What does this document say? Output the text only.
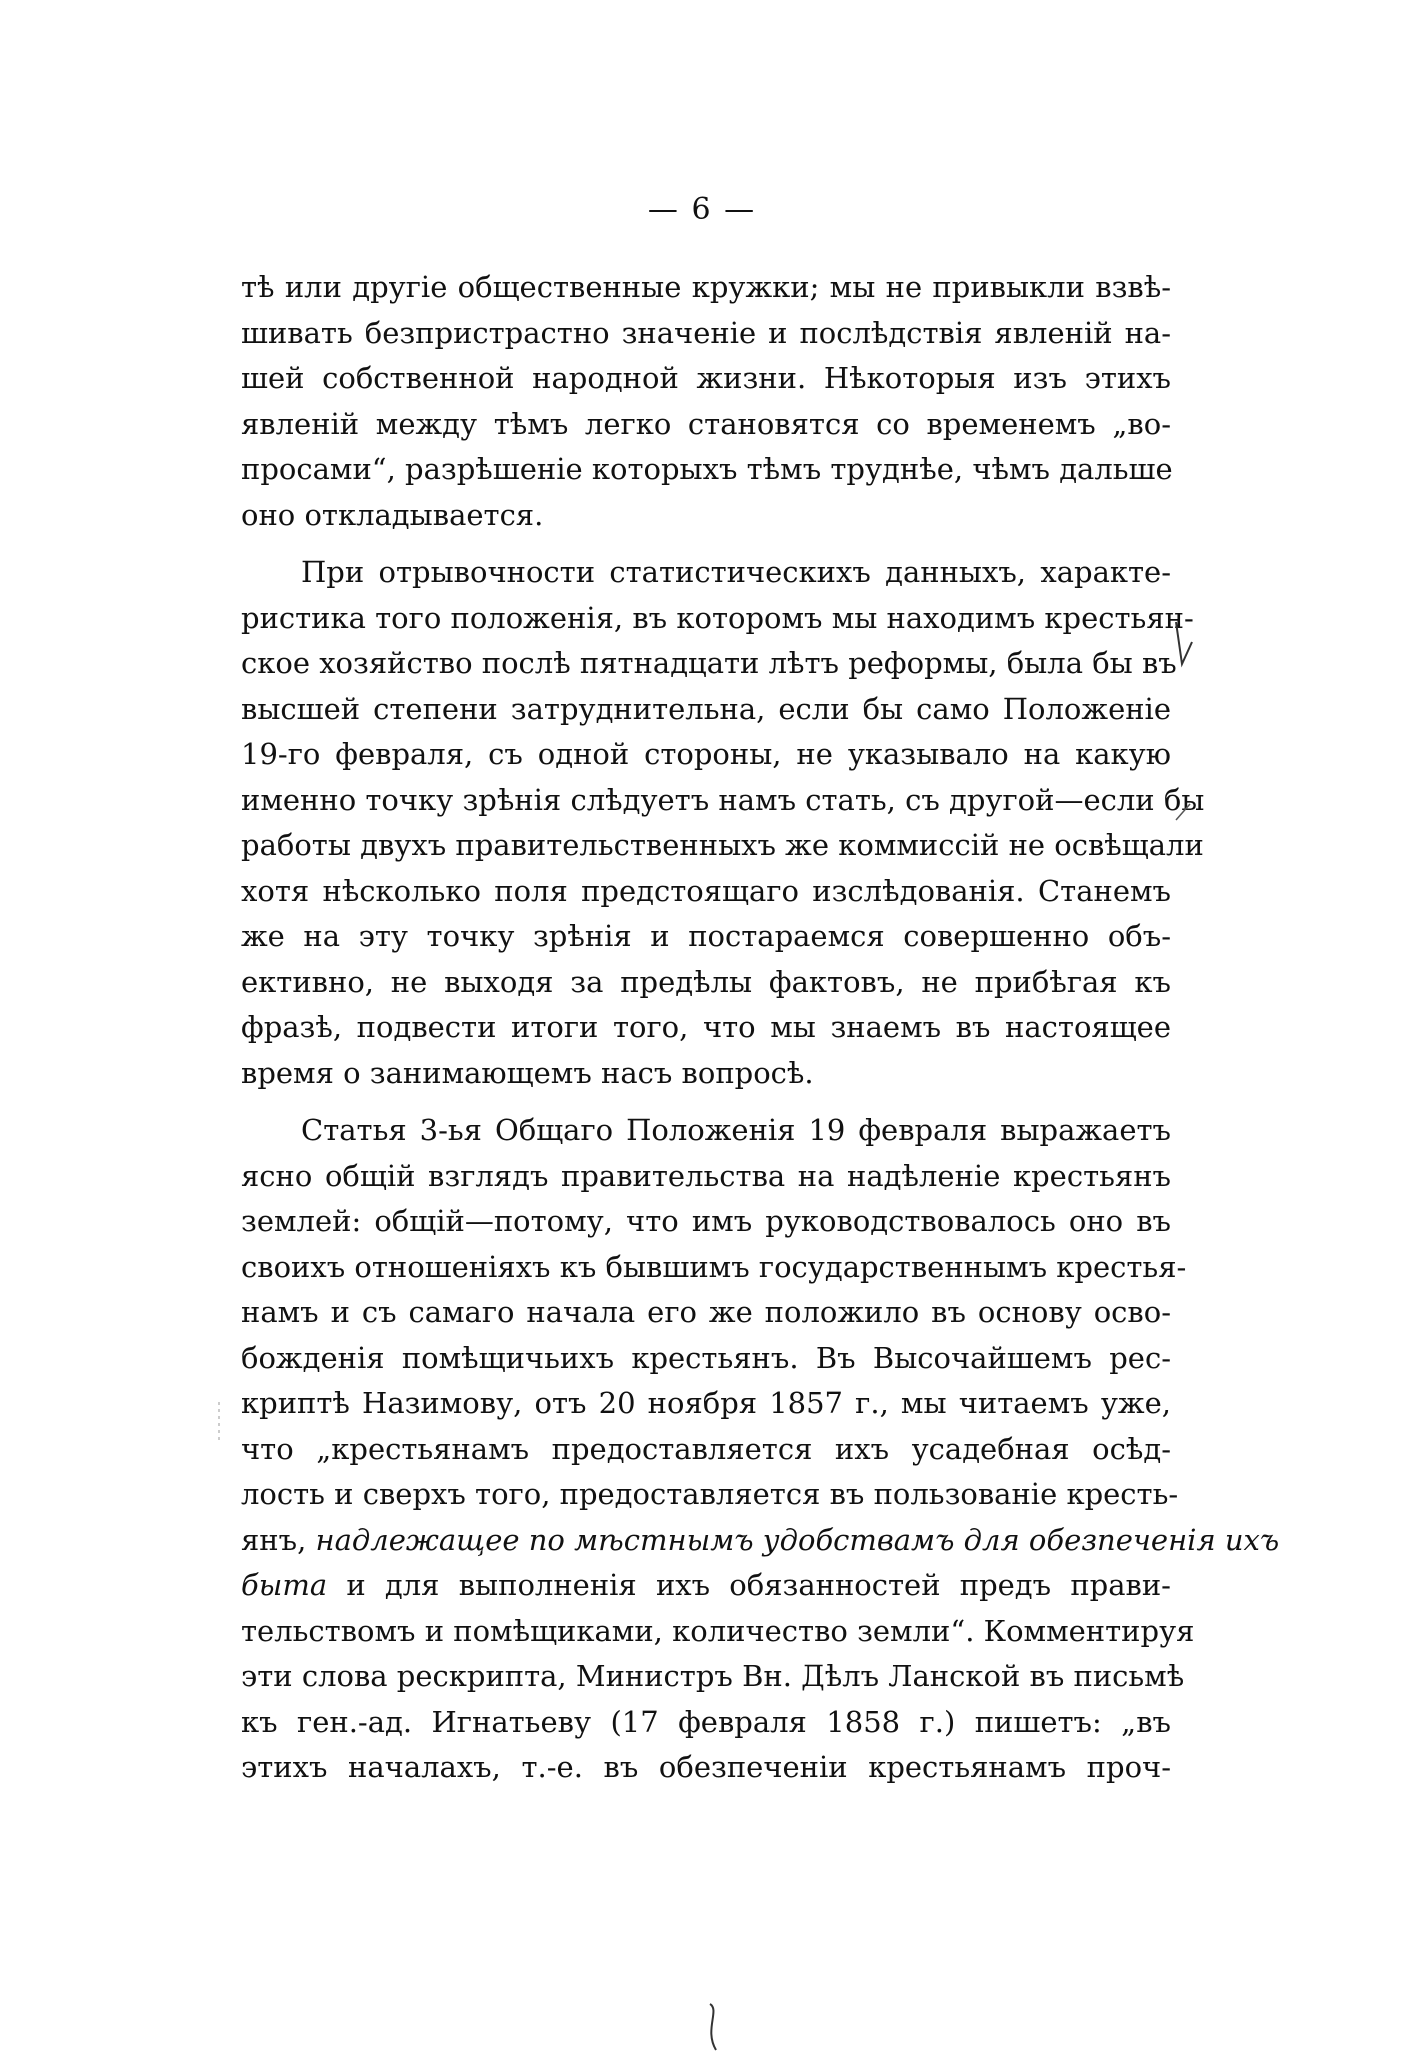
— 6 —
тѣ или другіе общественные кружки; мы не привыкли взвѣ-
шивать безпристрастно значеніе и послѣдствія явленій на-
шей собственной народной жизни. Нѣкоторыя изъ этихъ
явленій между тѣмъ легко становятся со временемъ „во-
просами“, разрѣшеніе которыхъ тѣмъ труднѣе, чѣмъ дальше
оно откладывается.
При отрывочности статистическихъ данныхъ, характе-
ристика того положенія, въ которомъ мы находимъ крестьян-
ское хозяйство послѣ пятнадцати лѣтъ реформы, была бы въ
высшей степени затруднительна, если бы само Положеніе
19-го февраля, съ одной стороны, не указывало на какую
именно точку зрѣнія слѣдуетъ намъ стать, съ другой—если бы
работы двухъ правительственныхъ же коммиссій не освѣщали
хотя нѣсколько поля предстоящаго изслѣдованія. Станемъ
же на эту точку зрѣнія и постараемся совершенно объ-
ективно, не выходя за предѣлы фактовъ, не прибѣгая къ
фразѣ, подвести итоги того, что мы знаемъ въ настоящее
время о занимающемъ насъ вопросѣ.
Статья 3-ья Общаго Положенія 19 февраля выражаетъ
ясно общій взглядъ правительства на надѣленіе крестьянъ
землей: общій—потому, что имъ руководствовалось оно въ
своихъ отношеніяхъ къ бывшимъ государственнымъ крестья-
намъ и съ самаго начала его же положило въ основу осво-
божденія помѣщичьихъ крестьянъ. Въ Высочайшемъ рес-
криптѣ Назимову, отъ 20 ноября 1857 г., мы читаемъ уже,
что „крестьянамъ предоставляется ихъ усадебная осѣд-
лость и сверхъ того, предоставляется въ пользованіе кресть-
янъ, надлежащее по мѣстнымъ удобствамъ для обезпеченія ихъ
быта и для выполненія ихъ обязанностей предъ прави-
тельствомъ и помѣщиками, количество земли“. Комментируя
эти слова рескрипта, Министръ Вн. Дѣлъ Ланской въ письмѣ
къ ген.-ад. Игнатьеву (17 февраля 1858 г.) пишетъ: „въ
этихъ началахъ, т.-е. въ обезпеченіи крестьянамъ проч-
